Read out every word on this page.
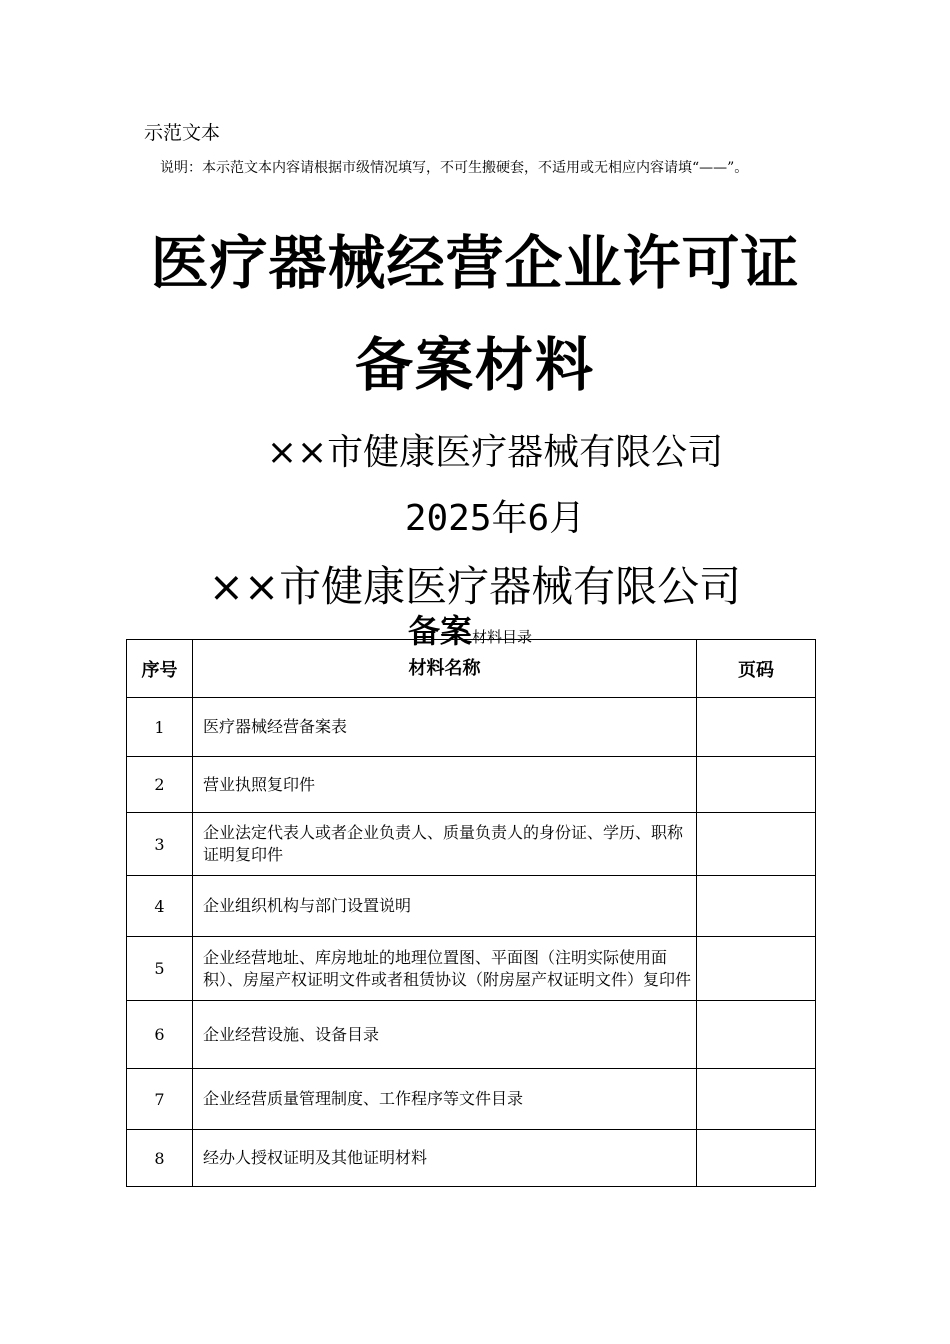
示范文本
说明：本示范文本内容请根据市级情况填写，不可生搬硬套，不适用或无相应内容请填“——”。
医疗器械经营企业许可证
备案材料
××市健康医疗器械有限公司
2025年6月
××市健康医疗器械有限公司
备案材料目录
序号	材料名称	页码
1	医疗器械经营备案表	
2	营业执照复印件	
3	企业法定代表人或者企业负责人、质量负责人的身份证、学历、职称证明复印件	
4	企业组织机构与部门设置说明	
5	企业经营地址、库房地址的地理位置图、平面图（注明实际使用面积）、房屋产权证明文件或者租赁协议（附房屋产权证明文件）复印件	
6	企业经营设施、设备目录	
7	企业经营质量管理制度、工作程序等文件目录	
8	经办人授权证明及其他证明材料	
